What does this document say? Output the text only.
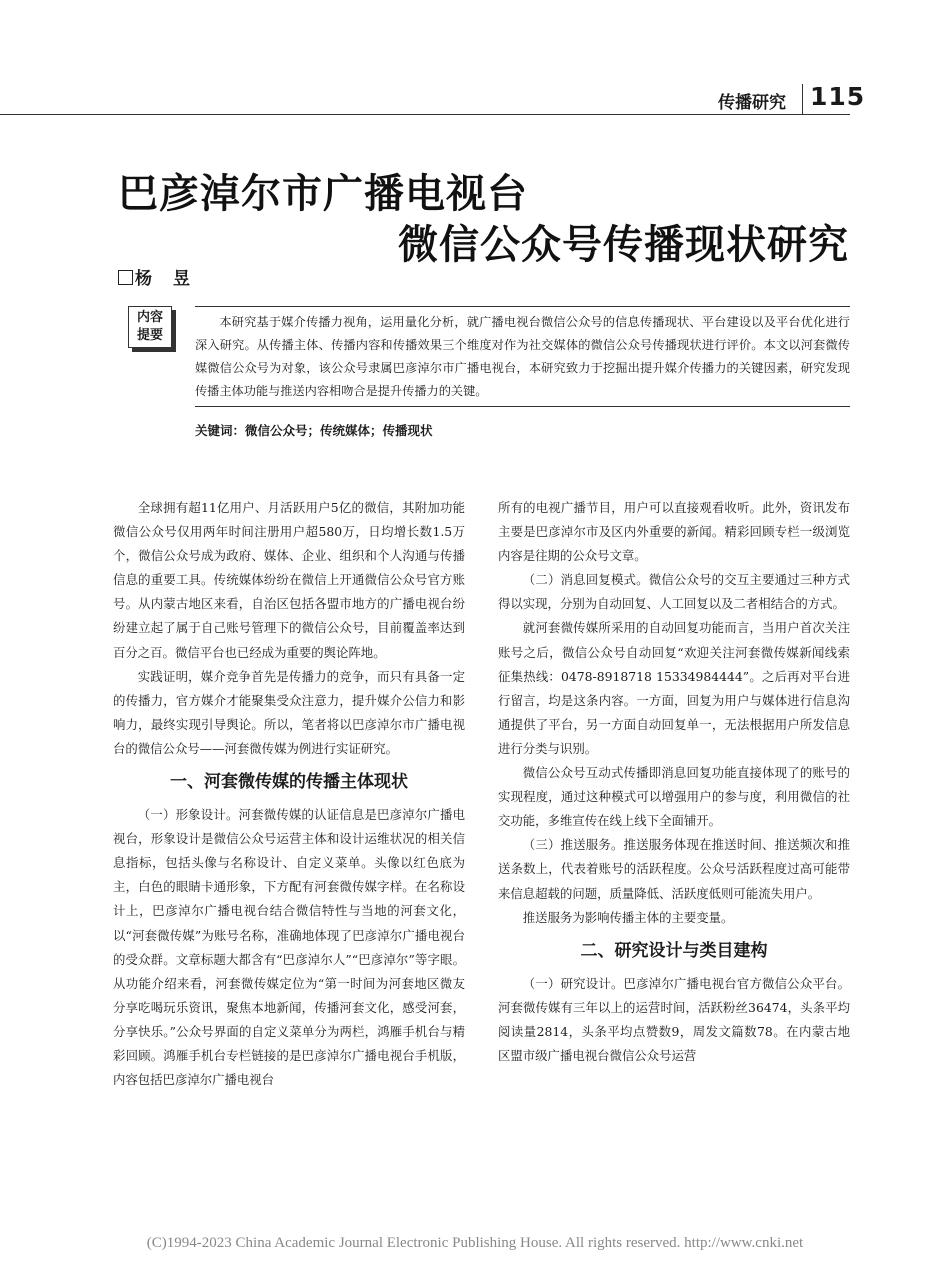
传播研究 115
巴彦淖尔市广播电视台
微信公众号传播现状研究
杨　昱
内容
提要

本研究基于媒介传播力视角，运用量化分析，就广播电视台微信公众号的信息传播现状、平台建设以及平台优化进行深入研究。从传播主体、传播内容和传播效果三个维度对作为社交媒体的微信公众号传播现状进行评价。本文以河套微传媒微信公众号为对象，该公众号隶属巴彦淖尔市广播电视台，本研究致力于挖掘出提升媒介传播力的关键因素，研究发现传播主体功能与推送内容相吻合是提升传播力的关键。

关键词：微信公众号；传统媒体；传播现状

全球拥有超11亿用户、月活跃用户5亿的微信，其附加功能微信公众号仅用两年时间注册用户超580万，日均增长数1.5万个，微信公众号成为政府、媒体、企业、组织和个人沟通与传播信息的重要工具。传统媒体纷纷在微信上开通微信公众号官方账号。从内蒙古地区来看，自治区包括各盟市地方的广播电视台纷纷建立起了属于自己账号管理下的微信公众号，目前覆盖率达到百分之百。微信平台也已经成为重要的舆论阵地。

实践证明，媒介竞争首先是传播力的竞争，而只有具备一定的传播力，官方媒介才能聚集受众注意力，提升媒介公信力和影响力，最终实现引导舆论。所以，笔者将以巴彦淖尔市广播电视台的微信公众号——河套微传媒为例进行实证研究。

一、河套微传媒的传播主体现状

（一）形象设计。河套微传媒的认证信息是巴彦淖尔广播电视台，形象设计是微信公众号运营主体和设计运维状况的相关信息指标，包括头像与名称设计、自定义菜单。头像以红色底为主，白色的眼睛卡通形象，下方配有河套微传媒字样。在名称设计上，巴彦淖尔广播电视台结合微信特性与当地的河套文化，以“河套微传媒”为账号名称，准确地体现了巴彦淖尔广播电视台的受众群。文章标题大都含有“巴彦淖尔人”“巴彦淖尔”等字眼。从功能介绍来看，河套微传媒定位为“第一时间为河套地区微友分享吃喝玩乐资讯，聚焦本地新闻，传播河套文化，感受河套，分享快乐。”公众号界面的自定义菜单分为两栏，鸿雁手机台与精彩回顾。鸿雁手机台专栏链接的是巴彦淖尔广播电视台手机版，内容包括巴彦淖尔广播电视台

所有的电视广播节目，用户可以直接观看收听。此外，资讯发布主要是巴彦淖尔市及区内外重要的新闻。精彩回顾专栏一级浏览内容是往期的公众号文章。

（二）消息回复模式。微信公众号的交互主要通过三种方式得以实现，分别为自动回复、人工回复以及二者相结合的方式。

就河套微传媒所采用的自动回复功能而言，当用户首次关注账号之后，微信公众号自动回复“欢迎关注河套微传媒新闻线索征集热线：0478-8918718 15334984444”。之后再对平台进行留言，均是这条内容。一方面，回复为用户与媒体进行信息沟通提供了平台，另一方面自动回复单一，无法根据用户所发信息进行分类与识别。

微信公众号互动式传播即消息回复功能直接体现了的账号的实现程度，通过这种模式可以增强用户的参与度，利用微信的社交功能，多维宣传在线上线下全面铺开。

（三）推送服务。推送服务体现在推送时间、推送频次和推送条数上，代表着账号的活跃程度。公众号活跃程度过高可能带来信息超载的问题，质量降低、活跃度低则可能流失用户。

推送服务为影响传播主体的主要变量。

二、研究设计与类目建构

（一）研究设计。巴彦淖尔广播电视台官方微信公众平台。河套微传媒有三年以上的运营时间，活跃粉丝36474，头条平均阅读量2814，头条平均点赞数9，周发文篇数78。在内蒙古地区盟市级广播电视台微信公众号运营

(C)1994-2023 China Academic Journal Electronic Publishing House. All rights reserved. http://www.cnki.net
